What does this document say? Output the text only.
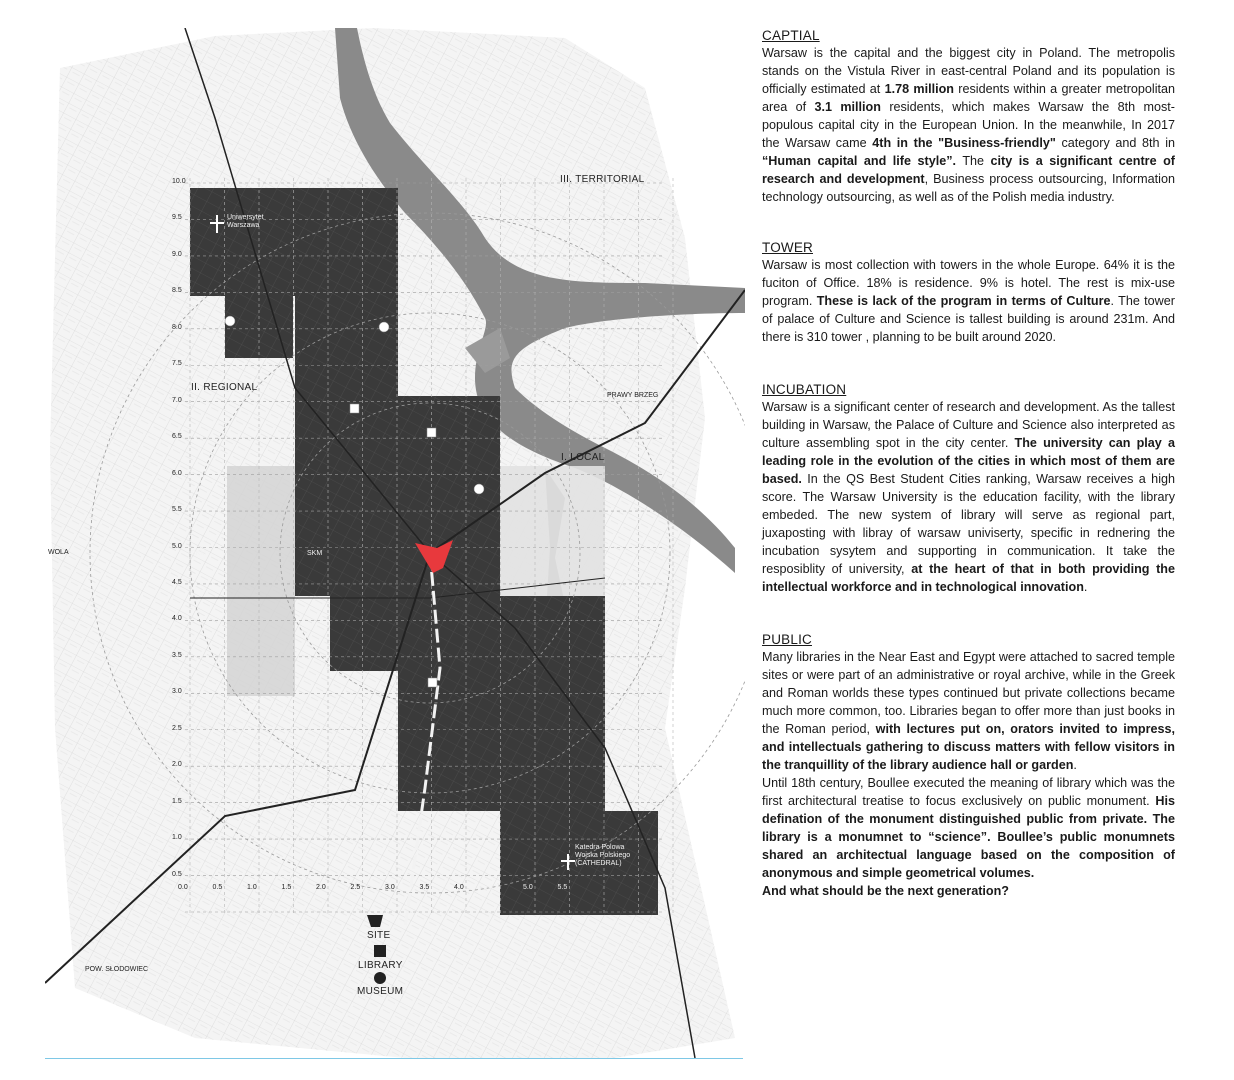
III. TERRITORIAL
II. REGIONAL
I. LOCAL
PRAWY BRZEG
WOLA
POW. SŁODOWIEC
SKM	SKM
Uniwersytet
Warszawa
Katedra Polowa
Wojska Polskiego
(CATHEDRAL)
10.0
9.5
9.0
8.5
8.0
7.5
7.0
6.5
6.0
5.5
5.0
4.5
4.0
3.5
3.0
2.5
2.0
1.5
1.0
0.5
0.0	0.5	1.0	1.5	2.0	2.5	3.0	3.5	4.0	4.5	5.0	5.5
SITE
LIBRARY
MUSEUM
CAPTIAL

Warsaw is the capital and the biggest city in Poland. The metropolis stands on the Vistula River in east-central Poland and its population is officially estimated at 1.78 million residents within a greater metropolitan area of 3.1 million residents, which makes Warsaw the 8th most-populous capital city in the European Union. In the meanwhile, In 2017 the Warsaw came 4th in the "Business-friendly" category and 8th in “Human capital and life style”. The city is a significant centre of research and development, Business process outsourcing, Information technology outsourcing, as well as of the Polish media industry.

TOWER

Warsaw is most collection with towers in the whole Europe. 64% it is the fuciton of Office. 18% is residence. 9% is hotel. The rest is mix-use program. These is lack of the program in terms of Culture. The tower of palace of Culture and Science is tallest building is around 231m. And there is 310 tower , planning to be built around 2020.

INCUBATION

Warsaw is a significant center of research and development. As the tallest building in Warsaw, the Palace of Culture and Science also interpreted as culture assembling spot in the city center. The university can play a leading role in the evolution of the cities in which most of them are based. In the QS Best Student Cities ranking, Warsaw receives a high score. The Warsaw University is the education facility, with the library embeded. The new system of library will serve as regional part, juxaposting with libray of warsaw univiserty, specific in rednering the incubation sysytem and supporting in communication. It take the resposiblity of university, at the heart of that in both providing the intellectual workforce and in technological innovation.

PUBLIC

Many libraries in the Near East and Egypt were attached to sacred temple sites or were part of an administrative or royal archive, while in the Greek and Roman worlds these types continued but private collections became much more common, too. Libraries began to offer more than just books in the Roman period, with lectures put on, orators invited to impress, and intellectuals gathering to discuss matters with fellow visitors in the tranquillity of the library audience hall or garden.

Until 18th century, Boullee executed the meaning of library which was the first architectural treatise to focus exclusively on public monument. His defination of the monument distinguished public from private. The library is a monumnet to “science”. Boullee’s public monumnets shared an architectual language based on the composition of anonymous and simple geometrical volumes.

And what should be the next generation?
